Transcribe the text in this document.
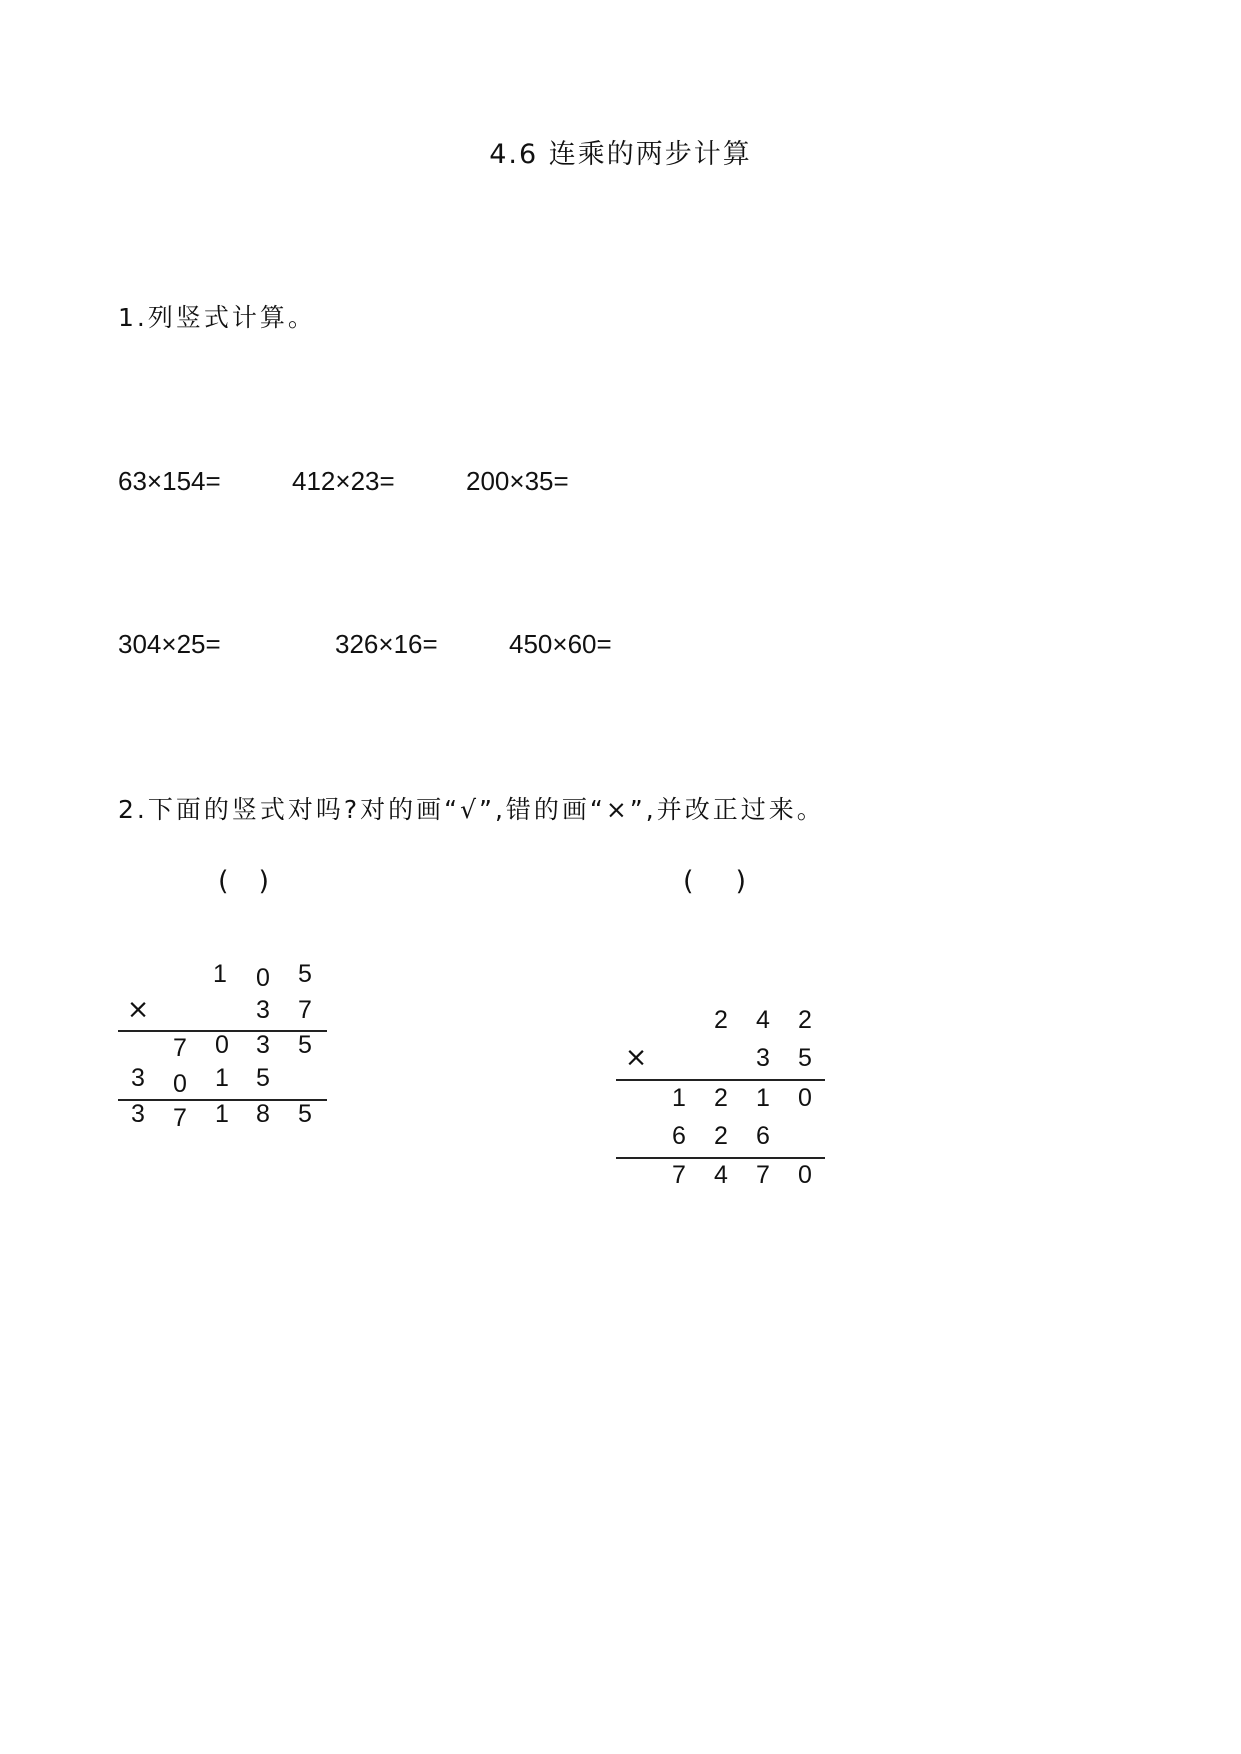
4.6 连乘的两步计算
1.列竖式计算。
63×154=	412×23=	200×35=
304×25=	326×16=	450×60=
2.下面的竖式对吗?对的画“√”,错的画“×”,并改正过来。
( )	( )
1 0 5
×	3 7
7 0 3 5
3 0 1 5
3 7 1 8 5
2 4 2
×	3 5
1 2 1 0
6 2 6
7 4 7 0
